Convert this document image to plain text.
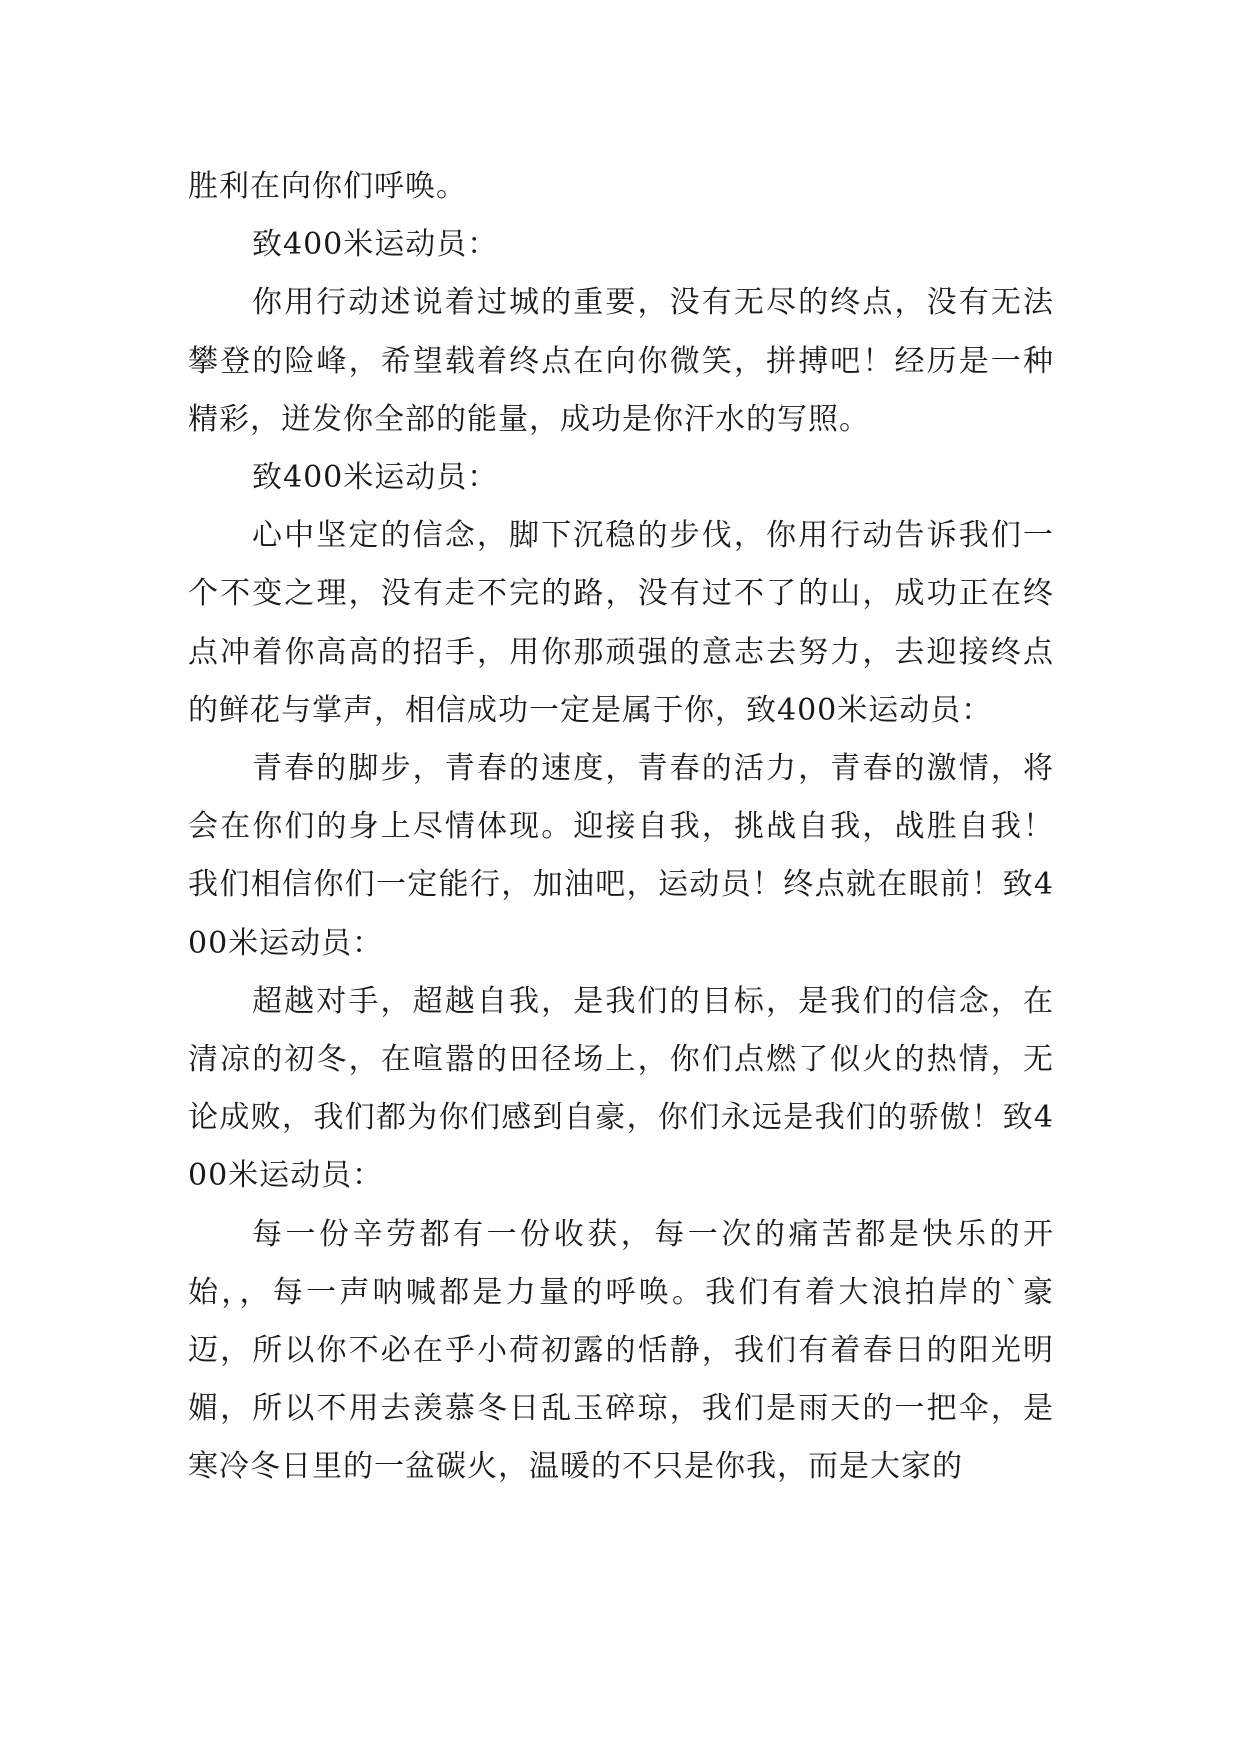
胜利在向你们呼唤。

致400米运动员：

你用行动述说着过城的重要，没有无尽的终点，没有无法攀登的险峰，希望载着终点在向你微笑，拼搏吧！经历是一种精彩，迸发你全部的能量，成功是你汗水的写照。

致400米运动员：

心中坚定的信念，脚下沉稳的步伐，你用行动告诉我们一个不变之理，没有走不完的路，没有过不了的山，成功正在终点冲着你高高的招手，用你那顽强的意志去努力，去迎接终点的鲜花与掌声，相信成功一定是属于你，致400米运动员：

青春的脚步，青春的速度，青春的活力，青春的激情，将会在你们的身上尽情体现。迎接自我，挑战自我，战胜自我！我们相信你们一定能行，加油吧，运动员！终点就在眼前！致400米运动员：

超越对手，超越自我，是我们的目标，是我们的信念，在清凉的初冬，在喧嚣的田径场上，你们点燃了似火的热情，无论成败，我们都为你们感到自豪，你们永远是我们的骄傲！致400米运动员：

每一份辛劳都有一份收获，每一次的痛苦都是快乐的开始，，每一声呐喊都是力量的呼唤。我们有着大浪拍岸的`豪迈，所以你不必在乎小荷初露的恬静，我们有着春日的阳光明媚，所以不用去羡慕冬日乱玉碎琼，我们是雨天的一把伞，是寒冷冬日里的一盆碳火，温暖的不只是你我，而是大家的
